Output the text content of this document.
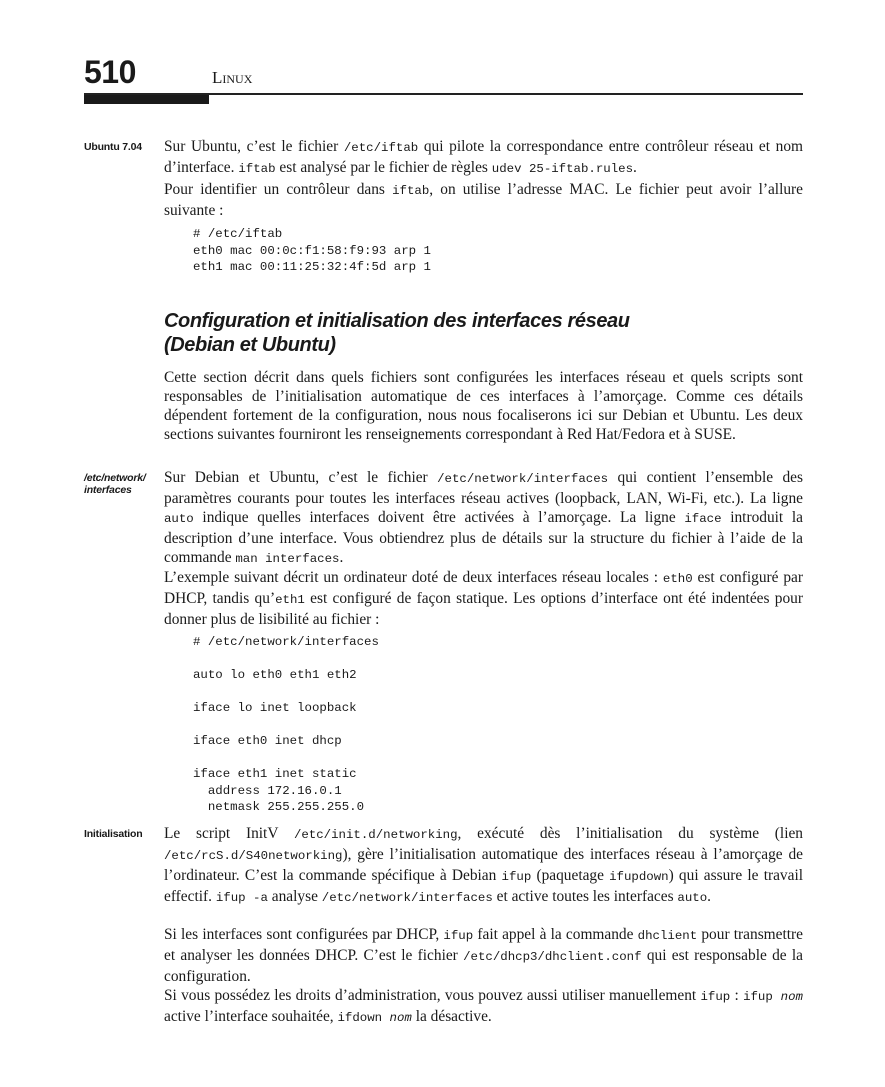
510	Linux
Ubuntu 7.04	Sur Ubuntu, c’est le fichier /etc/iftab qui pilote la correspondance entre contrôleur réseau et nom d’interface. iftab est analysé par le fichier de règles udev 25-iftab.rules.

Pour identifier un contrôleur dans iftab, on utilise l’adresse MAC. Le fichier peut avoir l’allure suivante :

# /etc/iftab
eth0 mac 00:0c:f1:58:f9:93 arp 1
eth1 mac 00:11:25:32:4f:5d arp 1
Configuration et initialisation des interfaces réseau
(Debian et Ubuntu)

Cette section décrit dans quels fichiers sont configurées les interfaces réseau et quels scripts sont responsables de l’initialisation automatique de ces interfaces à l’amorçage. Comme ces détails dépendent fortement de la configuration, nous nous focaliserons ici sur Debian et Ubuntu. Les deux sections suivantes fourniront les renseignements correspondant à Red Hat/Fedora et à SUSE.

/etc/network/
interfaces

Sur Debian et Ubuntu, c’est le fichier /etc/network/interfaces qui contient l’ensemble des paramètres courants pour toutes les interfaces réseau actives (loopback, LAN, Wi-Fi, etc.). La ligne auto indique quelles interfaces doivent être activées à l’amorçage. La ligne iface introduit la description d’une interface. Vous obtiendrez plus de détails sur la structure du fichier à l’aide de la commande man interfaces.

L’exemple suivant décrit un ordinateur doté de deux interfaces réseau locales : eth0 est configuré par DHCP, tandis qu’eth1 est configuré de façon statique. Les options d’interface ont été indentées pour donner plus de lisibilité au fichier :

# /etc/network/interfaces

auto lo eth0 eth1 eth2

iface lo inet loopback

iface eth0 inet dhcp

iface eth1 inet static
address 172.16.0.1
netmask 255.255.255.0
Initialisation	Le script InitV /etc/init.d/networking, exécuté dès l’initialisation du système (lien /etc/rcS.d/S40networking), gère l’initialisation automatique des interfaces réseau à l’amorçage de l’ordinateur. C’est la commande spécifique à Debian ifup (paquetage ifupdown) qui assure le travail effectif. ifup -a analyse /etc/network/interfaces et active toutes les interfaces auto.

Si les interfaces sont configurées par DHCP, ifup fait appel à la commande dhclient pour transmettre et analyser les données DHCP. C’est le fichier /etc/dhcp3/dhclient.conf qui est responsable de la configuration.

Si vous possédez les droits d’administration, vous pouvez aussi utiliser manuellement ifup : ifup nom active l’interface souhaitée, ifdown nom la désactive.
